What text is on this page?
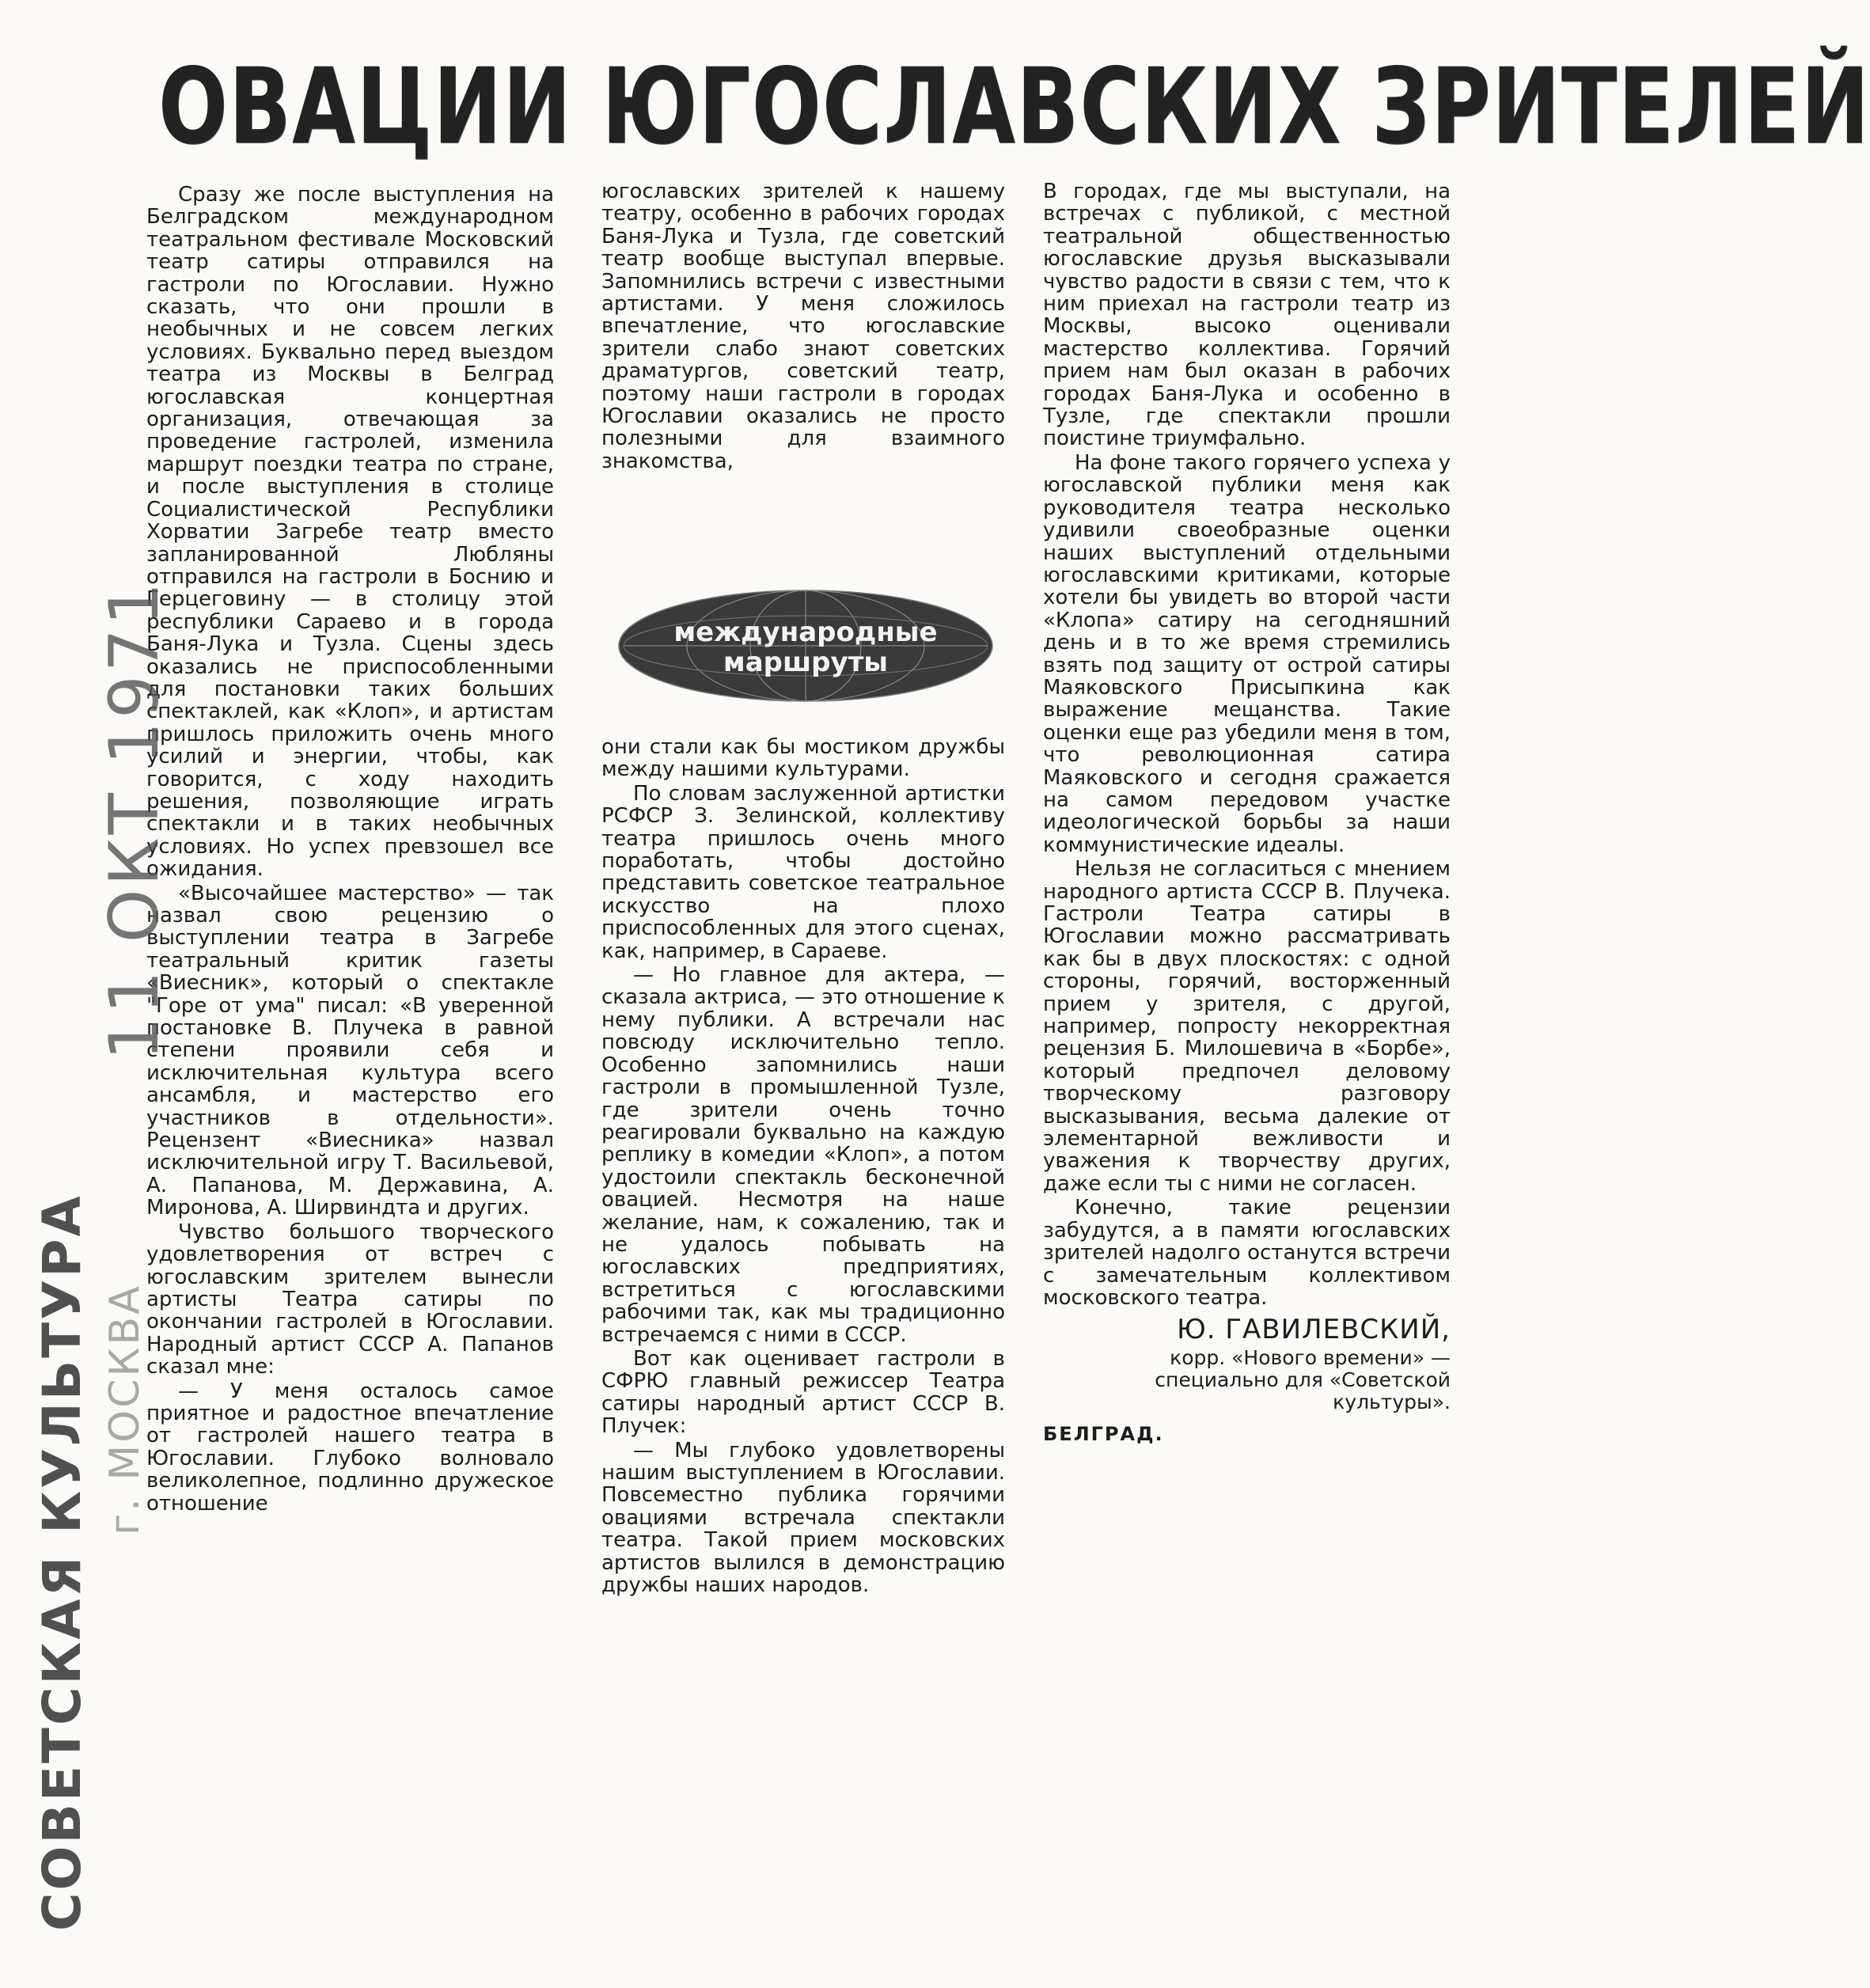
ОВАЦИИ ЮГОСЛАВСКИХ ЗРИТЕЛЕЙ

Сразу же после выступления на Белградском международном театральном фестивале Московский театр сатиры отправился на гастроли по Югославии. Нужно сказать, что они прошли в необычных и не совсем легких условиях. Буквально перед выездом театра из Москвы в Белград югославская концертная организация, отвечающая за проведение гастролей, изменила маршрут поездки театра по стране, и после выступления в столице Социалистической Республики Хорватии Загребе театр вместо запланированной Любляны отправился на гастроли в Боснию и Герцеговину — в столицу этой республики Сараево и в города Баня-Лука и Тузла. Сцены здесь оказались не приспособленными для постановки таких больших спектаклей, как «Клоп», и артистам пришлось приложить очень много усилий и энергии, чтобы, как говорится, с ходу находить решения, позволяющие играть спектакли и в таких необычных условиях. Но успех превзошел все ожидания.

«Высочайшее мастерство» — так назвал свою рецензию о выступлении театра в Загребе театральный критик газеты «Виесник», который о спектакле "Горе от ума" писал: «В уверенной постановке В. Плучека в равной степени проявили себя и исключительная культура всего ансамбля, и мастерство его участников в отдельности». Рецензент «Виесника» назвал исключительной игру Т. Васильевой, А. Папанова, М. Державина, А. Миронова, А. Ширвиндта и других.

Чувство большого творческого удовлетворения от встреч с югославским зрителем вынесли артисты Театра сатиры по окончании гастролей в Югославии. Народный артист СССР А. Папанов сказал мне:

— У меня осталось самое приятное и радостное впечатление от гастролей нашего театра в Югославии. Глубоко волновало великолепное, подлинно дружеское отношение

югославских зрителей к нашему театру, особенно в рабочих городах Баня-Лука и Тузла, где советский театр вообще выступал впервые. Запомнились встречи с известными артистами. У меня сложилось впечатление, что югославские зрители слабо знают советских драматургов, советский театр, поэтому наши гастроли в городах Югославии оказались не просто полезными для взаимного знакомства,

международные
маршруты

они стали как бы мостиком дружбы между нашими культурами.

По словам заслуженной артистки РСФСР З. Зелинской, коллективу театра пришлось очень много поработать, чтобы достойно представить советское театральное искусство на плохо приспособленных для этого сценах, как, например, в Сараеве.

— Но главное для актера, — сказала актриса, — это отношение к нему публики. А встречали нас повсюду исключительно тепло. Особенно запомнились наши гастроли в промышленной Тузле, где зрители очень точно реагировали буквально на каждую реплику в комедии «Клоп», а потом удостоили спектакль бесконечной овацией. Несмотря на наше желание, нам, к сожалению, так и не удалось побывать на югославских предприятиях, встретиться с югославскими рабочими так, как мы традиционно встречаемся с ними в СССР.

Вот как оценивает гастроли в СФРЮ главный режиссер Театра сатиры народный артист СССР В. Плучек:

— Мы глубоко удовлетворены нашим выступлением в Югославии. Повсеместно публика горячими овациями встречала спектакли театра. Такой прием московских артистов вылился в демонстрацию дружбы наших народов.

В городах, где мы выступали, на встречах с публикой, с местной театральной общественностью югославские друзья высказывали чувство радости в связи с тем, что к ним приехал на гастроли театр из Москвы, высоко оценивали мастерство коллектива. Горячий прием нам был оказан в рабочих городах Баня-Лука и особенно в Тузле, где спектакли прошли поистине триумфально.

На фоне такого горячего успеха у югославской публики меня как руководителя театра несколько удивили своеобразные оценки наших выступлений отдельными югославскими критиками, которые хотели бы увидеть во второй части «Клопа» сатиру на сегодняшний день и в то же время стремились взять под защиту от острой сатиры Маяковского Присыпкина как выражение мещанства. Такие оценки еще раз убедили меня в том, что революционная сатира Маяковского и сегодня сражается на самом передовом участке идеологической борьбы за наши коммунистические идеалы.

Нельзя не согласиться с мнением народного артиста СССР В. Плучека. Гастроли Театра сатиры в Югославии можно рассматривать как бы в двух плоскостях: с одной стороны, горячий, восторженный прием у зрителя, с другой, например, попросту некорректная рецензия Б. Милошевича в «Борбе», который предпочел деловому творческому разговору высказывания, весьма далекие от элементарной вежливости и уважения к творчеству других, даже если ты с ними не согласен.

Конечно, такие рецензии забудутся, а в памяти югославских зрителей надолго останутся встречи с замечательным коллективом московского театра.

Ю. ГАВИЛЕВСКИЙ,

корр. «Нового времени» — специально для «Советской культуры».

БЕЛГРАД.

СОВЕТСКАЯ КУЛЬТУРА г. МОСКВА
11 ОКТ 1971
